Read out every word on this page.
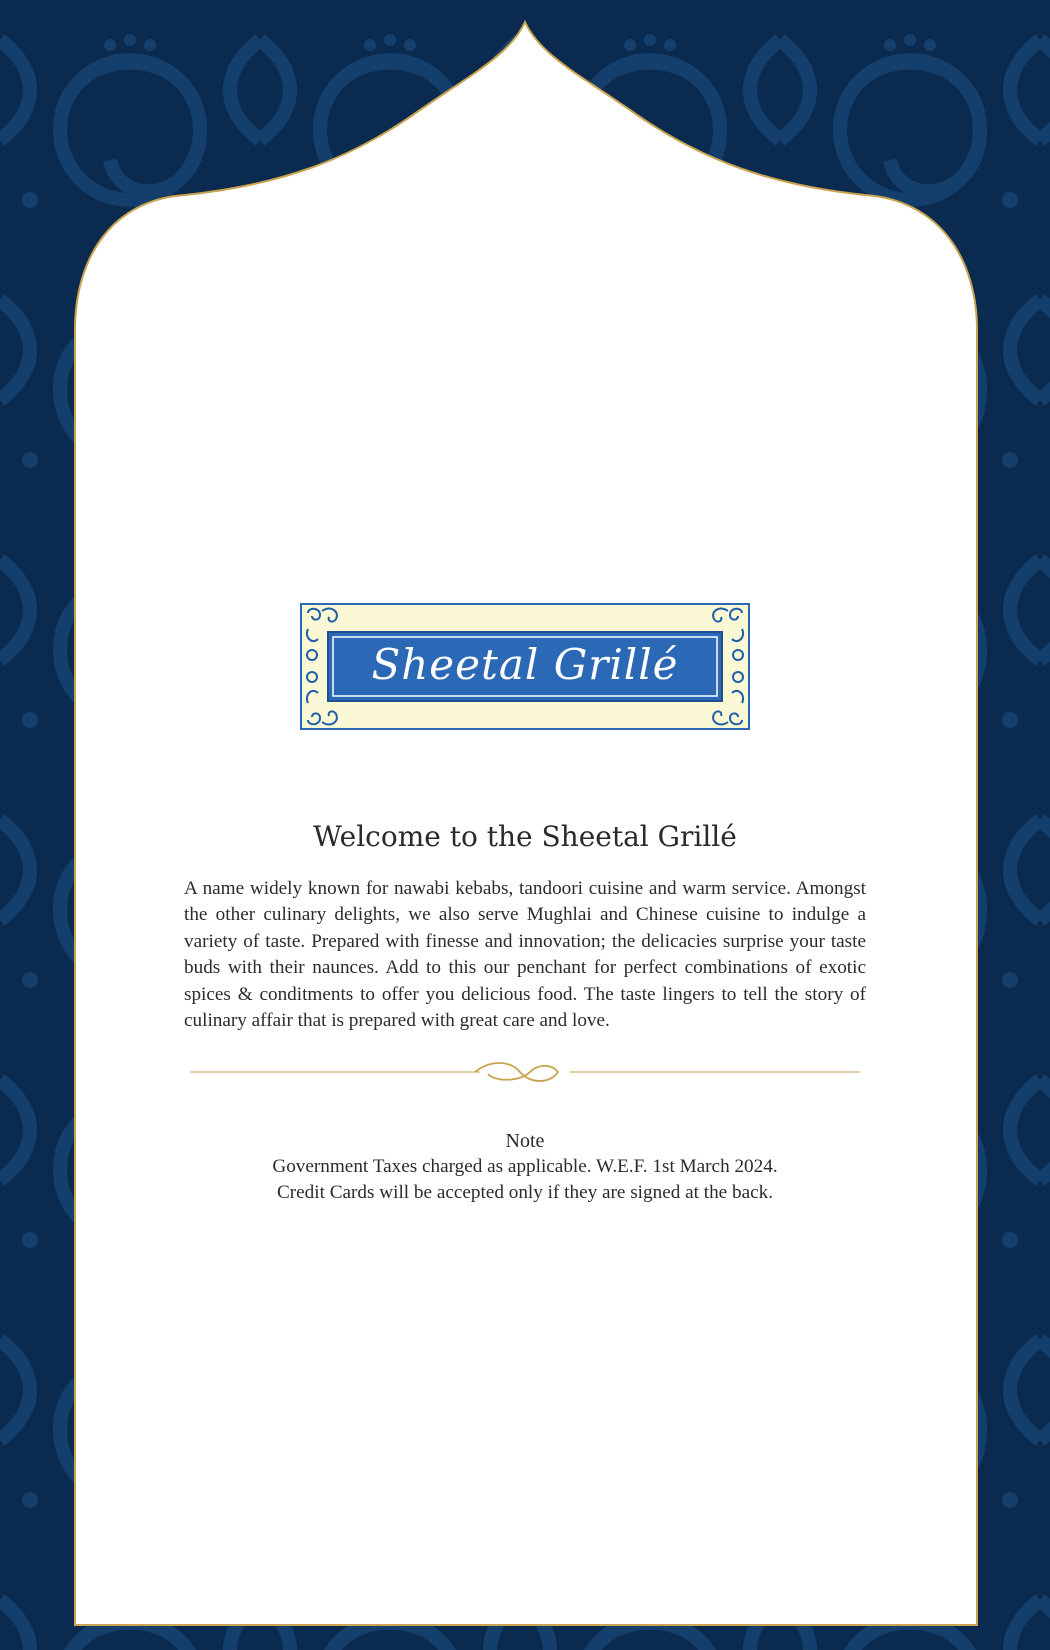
Sheetal Grillé
Welcome to the Sheetal Grillé

A name widely known for nawabi kebabs, tandoori cuisine and warm service. Amongst the other culinary delights, we also serve Mughlai and Chinese cuisine to indulge a variety of taste. Prepared with finesse and innovation; the delicacies surprise your taste buds with their naunces. Add to this our penchant for perfect combinations of exotic spices & conditments to offer you delicious food. The taste lingers to tell the story of culinary affair that is prepared with great care and love.

Note
Government Taxes charged as applicable. W.E.F. 1st March 2024.
Credit Cards will be accepted only if they are signed at the back.
